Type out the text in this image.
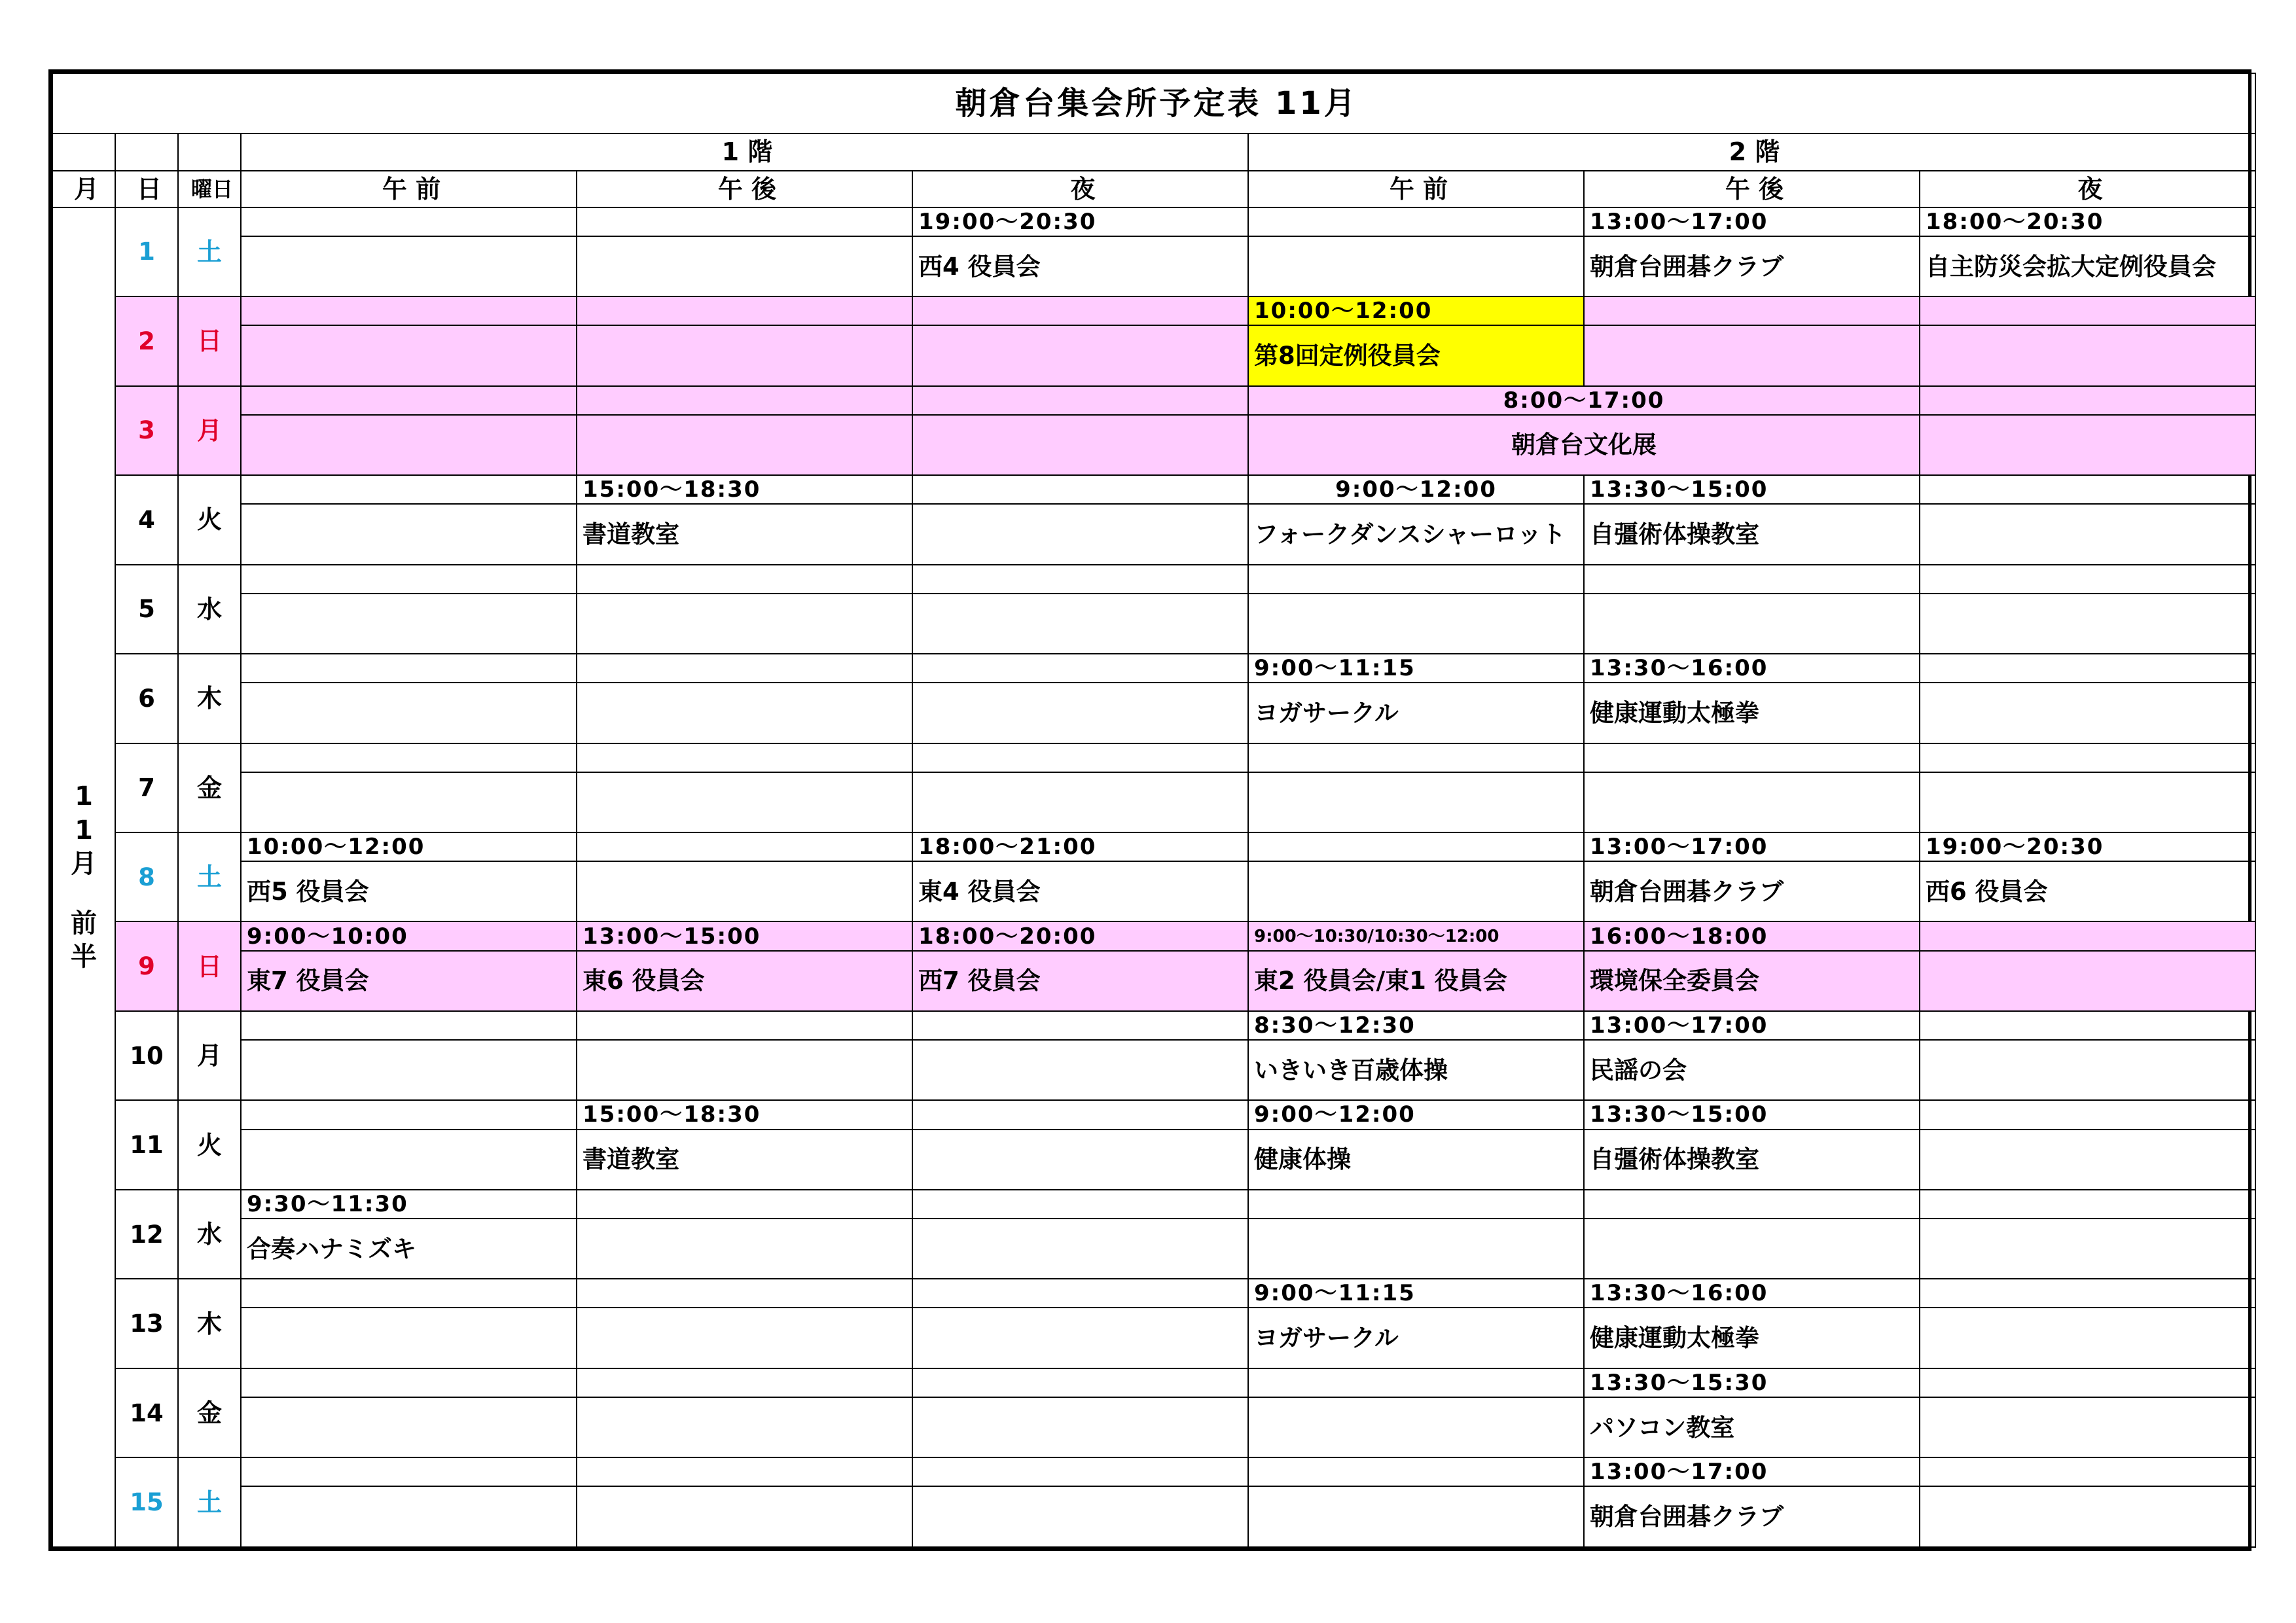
朝倉台集会所予定表 11月								
			1 階			2 階		
月	日	曜日	午 前	午 後	夜	午 前	午 後	夜

1
1
月
前
半	1	土			19:00～20:30		13:00～17:00	18:00～20:30
					西4 役員会		朝倉台囲碁クラブ	自主防災会拡大定例役員会
	2	日				10:00～12:00		
						第8回定例役員会		
	3	月				8:00～17:00		
						朝倉台文化展		
	4	火		15:00～18:30		9:00～12:00	13:30～15:00	
				書道教室		フォークダンスシャーロット	自彊術体操教室	
	5	水						

	6	木				9:00～11:15	13:30～16:00	
						ヨガサークル	健康運動太極拳	
	7	金						

	8	土	10:00～12:00		18:00～21:00		13:00～17:00	19:00～20:30
			西5 役員会		東4 役員会		朝倉台囲碁クラブ	西6 役員会
	9	日	9:00～10:00	13:00～15:00	18:00～20:00	9:00～10:30/10:30～12:00	16:00～18:00	
			東7 役員会	東6 役員会	西7 役員会	東2 役員会/東1 役員会	環境保全委員会	
	10	月				8:30～12:30	13:00～17:00	
						いきいき百歳体操	民謡の会	
	11	火		15:00～18:30		9:00～12:00	13:30～15:00	
				書道教室		健康体操	自彊術体操教室	
	12	水	9:30～11:30					
			合奏ハナミズキ					
	13	木				9:00～11:15	13:30～16:00	
						ヨガサークル	健康運動太極拳	
	14	金					13:30～15:30	
							パソコン教室	
	15	土					13:00～17:00	
							朝倉台囲碁クラブ	
